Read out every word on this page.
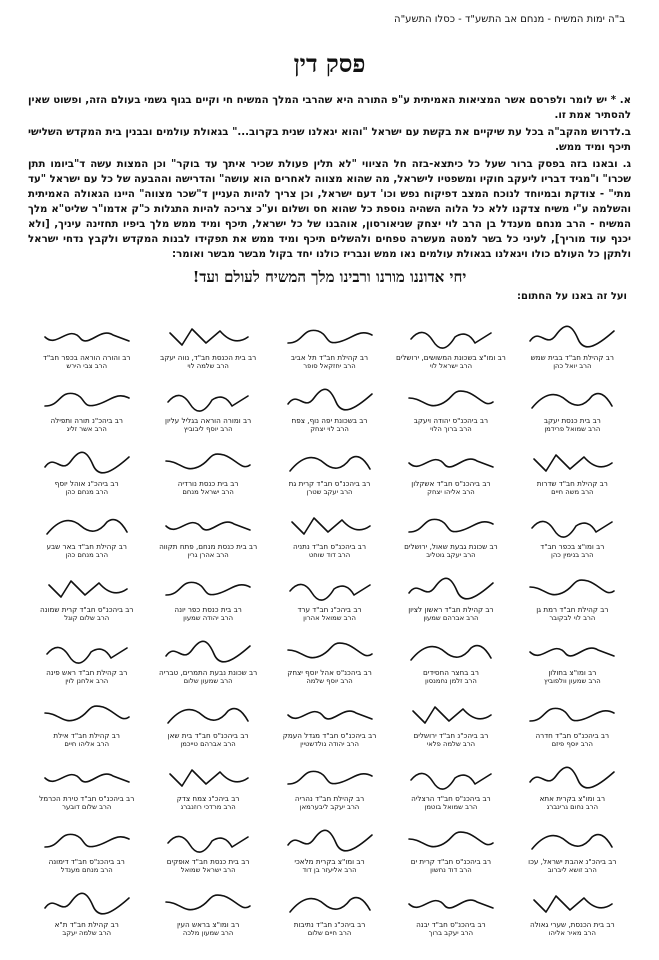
ב"ה ימות המשיח - מנחם אב התשע"ד - כסלו התשע"ה
פסק דין

א. * יש לומר ולפרסם אשר המציאות האמיתית ע"פ התורה היא שהרבי המלך המשיח חי וקיים בגוף גשמי בעולם הזה, ופשוט שאין להסתיר אמת זו.

ב.לדרוש מהקב"ה בכל עת שיקיים את בקשת עם ישראל "והוא יגאלנו שנית בקרוב..." בגאולת עולמים ובבנין בית המקדש השלישי תיכף ומיד ממש.

ג. ובאנו בזה בפסק ברור שעל כל כיתצא-בזה חל הציווי "לא תלין פעולת שכיר איתך עד בוקר" וכן המצות עשה ד"ביומו תתן שכרו" ו"מגיד דבריו ליעקב חוקיו ומשפטיו לישראל, מה שהוא מצווה לאחרים הוא עושה" והדרישה וההבעה של כל עם ישראל "עד מתי" - צודקת ובמיוחד לנוכח המצב דפיקוח נפש וכו' דעם ישראל, וכן צריך להיות העניין ד"שכר מצווה" היינו הגאולה האמיתית והשלמה ע"י משיח צדקנו ללא כל הלוה השהיה נוספת כל שהוא חס ושלום וע"כ צריכה להיות התגלות כ"ק אדמו"ר שליט"א מלך המשיח - הרב מנחם מענדל בן הרב לוי יצחק שניאורסון, אוהבנו של כל ישראל, תיכף ומיד ממש מלך ביפיו תחזינה עיניך, [ולא יכנף עוד מוריך], לעיני כל בשר למטה מעשרה טפחים ולהשלים תיכף ומיד ממש את תפקידו לבנות המקדש ולקבץ נדחי ישראל ולתקן כל העולם כולו ויגאלנו בגאולת עולמים נאו ממש ונבריז כולנו יחד בקול מבשר מבשר ואומר:

יחי אדוננו מורנו ורבינו מלך המשיח לעולם ועד!
ועל זה באנו על החתום:
רב קהילת חב"ד בבית שמש
הרב יואל כהן
רב ומו"צ בשכונת המשושים, ירושלים
הרב ישראל לוי
רב קהילת חב"ד תל אביב
הרב יחזקאל סופר
רב בית הכנסת חב"ד, נווה יעקב
הרב שלמה לוי
רב והורה הוראה בכפר חב"ד
הרב צבי הירש
רב בית כנסת יעקב
הרב שמואל פרידמן
רב ביהכנ"ס יהודה ויעקב
הרב ברוך הלוי
רב בשכונת יפה נוף, צפת
הרב לוי יצחק
רב ומורה הוראה בגליל עליון
הרב יוסף ליבוביץ
רב ביהכ"נ תורה ותפילה
הרב אשר זליג
רב קהילת חב"ד שדרות
הרב משה חיים
רב ביהכנ"ס חב"ד אשקלון
הרב אליהו יצחק
רב ביהכנ"ס חב"ד קרית גת
הרב יעקב שטרן
רב בית כנסת נורדיה
הרב ישראל מנחם
רב ביהכ"נ אוהל יוסף
הרב מנחם כהן
רב ומו"צ בכפר חב"ד
הרב בנימין כהן
רב שכונת גבעת שאול, ירושלים
הרב יעקב גוטליב
רב ביהכנ"ס חב"ד נתניה
הרב דוד שוחט
רב בית כנסת מנחם, פתח תקווה
הרב אהרן גרין
רב קהילת חב"ד באר שבע
הרב מנחם כהן
רב קהילת חב"ד רמת גן
הרב לוי לבקובר
רב קהילת חב"ד ראשון לציון
הרב אברהם שמעון
רב ביהכ"נ חב"ד ערד
הרב שמואל אהרון
רב בית כנסת כפר יונה
הרב יהודה שמעון
רב ביהכנ"ס חב"ד קרית שמונה
הרב שלום קוגל
רב ומו"צ בחולון
הרב שמעון וולפוביץ
רב בחצר החסידים
הרב זלמן נחמנסון
רב ביהכנ"ס אהל יוסף יצחק
הרב יוסף שלמה
רב שכונת נבעת התמרים, טבריה
הרב שמעון שלום
רב קהילת חב"ד ראש פינה
הרב אלחנן לוין
רב ביהכנ"ס חב"ד חדרה
הרב יוסף פיזם
רב ביהכ"נ חב"ד ירושלים
הרב שלמה פלאי
רב ביהכנ"ס חב"ד מגדל העמק
הרב יהודה גולדשטיין
רב ביהכנ"ס חב"ד בית שאן
הרב אברהם טייכמן
רב קהילת חב"ד אילת
הרב אליהו חיים
רב ומו"צ בקרית אתא
הרב נחום גרינברג
רב ביהכנ"ס חב"ד הרצליה
הרב שמואל בוטמן
רב קהילת חב"ד נהריה
הרב יעקב ליבערמאן
רב ביהכ"נ צמח צדק
הרב מרדכי רוזנברג
רב ביהכנ"ס חב"ד טירת הכרמל
הרב שלום דובער
רב ביהכ"נ אהבת ישראל, עכו
הרב זושא ליברוב
רב ביהכנ"ס חב"ד קרית ים
הרב דוד נחשון
רב ומו"צ בקרית מלאכי
הרב אליעזר בן דוד
רב בית כנסת חב"ד אופקים
הרב ישראל שמואל
רב ביהכנ"ס חב"ד דימונה
הרב מנחם מענדל
רב בית הכנסת, שערי גאולה
הרב מאיר אליהו
רב ביהכנ"ס חב"ד יבנה
הרב יעקב ברוך
רב ביהכ"נ חב"ד נתיבות
הרב חיים שלום
רב ומו"צ בראש העין
הרב שמעון מלכה
רב קהילת חב"ד ת"א
הרב שלמה יעקב
